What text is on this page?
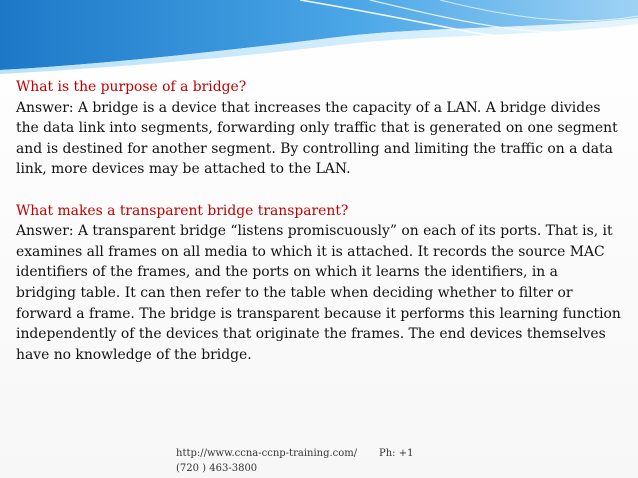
What is the purpose of a bridge?

Answer: A bridge is a device that increases the capacity of a LAN. A bridge divides the data link into segments, forwarding only traffic that is generated on one segment and is destined for another segment. By controlling and limiting the traffic on a data link, more devices may be attached to the LAN.

What makes a transparent bridge transparent?

Answer: A transparent bridge “listens promiscuously” on each of its ports. That is, it examines all frames on all media to which it is attached. It records the source MAC identifiers of the frames, and the ports on which it learns the identifiers, in a bridging table. It can then refer to the table when deciding whether to filter or forward a frame. The bridge is transparent because it performs this learning function independently of the devices that originate the frames. The end devices themselves have no knowledge of the bridge.

http://www.ccna-ccnp-training.com/	Ph: +1
(720 ) 463-3800
